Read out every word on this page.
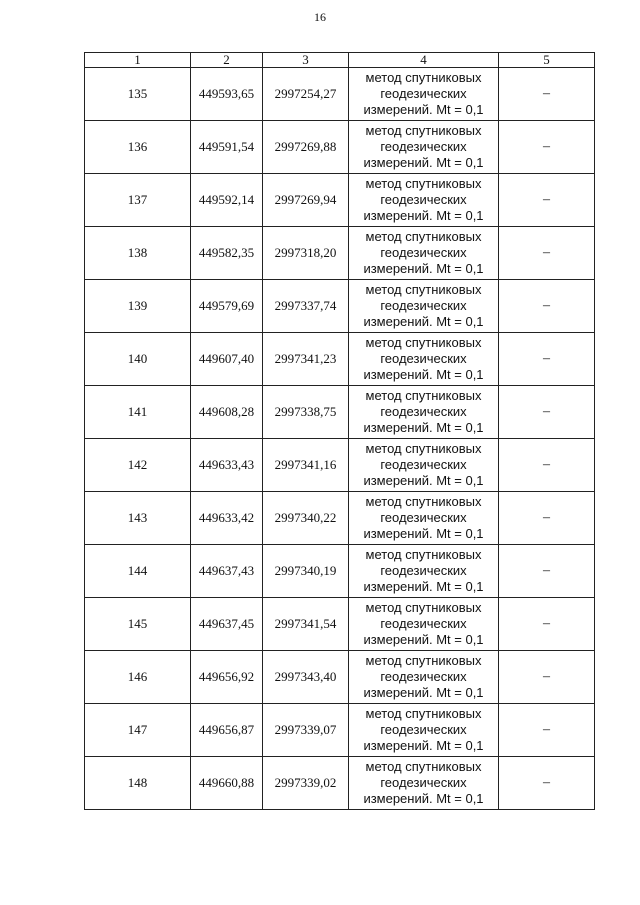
16
1	2	3	4	5
135	449593,65	2997254,27	метод спутниковых
геодезических
измерений. Mt = 0,1	–
136	449591,54	2997269,88	метод спутниковых
геодезических
измерений. Mt = 0,1	–
137	449592,14	2997269,94	метод спутниковых
геодезических
измерений. Mt = 0,1	–
138	449582,35	2997318,20	метод спутниковых
геодезических
измерений. Mt = 0,1	–
139	449579,69	2997337,74	метод спутниковых
геодезических
измерений. Mt = 0,1	–
140	449607,40	2997341,23	метод спутниковых
геодезических
измерений. Mt = 0,1	–
141	449608,28	2997338,75	метод спутниковых
геодезических
измерений. Mt = 0,1	–
142	449633,43	2997341,16	метод спутниковых
геодезических
измерений. Mt = 0,1	–
143	449633,42	2997340,22	метод спутниковых
геодезических
измерений. Mt = 0,1	–
144	449637,43	2997340,19	метод спутниковых
геодезических
измерений. Mt = 0,1	–
145	449637,45	2997341,54	метод спутниковых
геодезических
измерений. Mt = 0,1	–
146	449656,92	2997343,40	метод спутниковых
геодезических
измерений. Mt = 0,1	–
147	449656,87	2997339,07	метод спутниковых
геодезических
измерений. Mt = 0,1	–
148	449660,88	2997339,02	метод спутниковых
геодезических
измерений. Mt = 0,1	–
